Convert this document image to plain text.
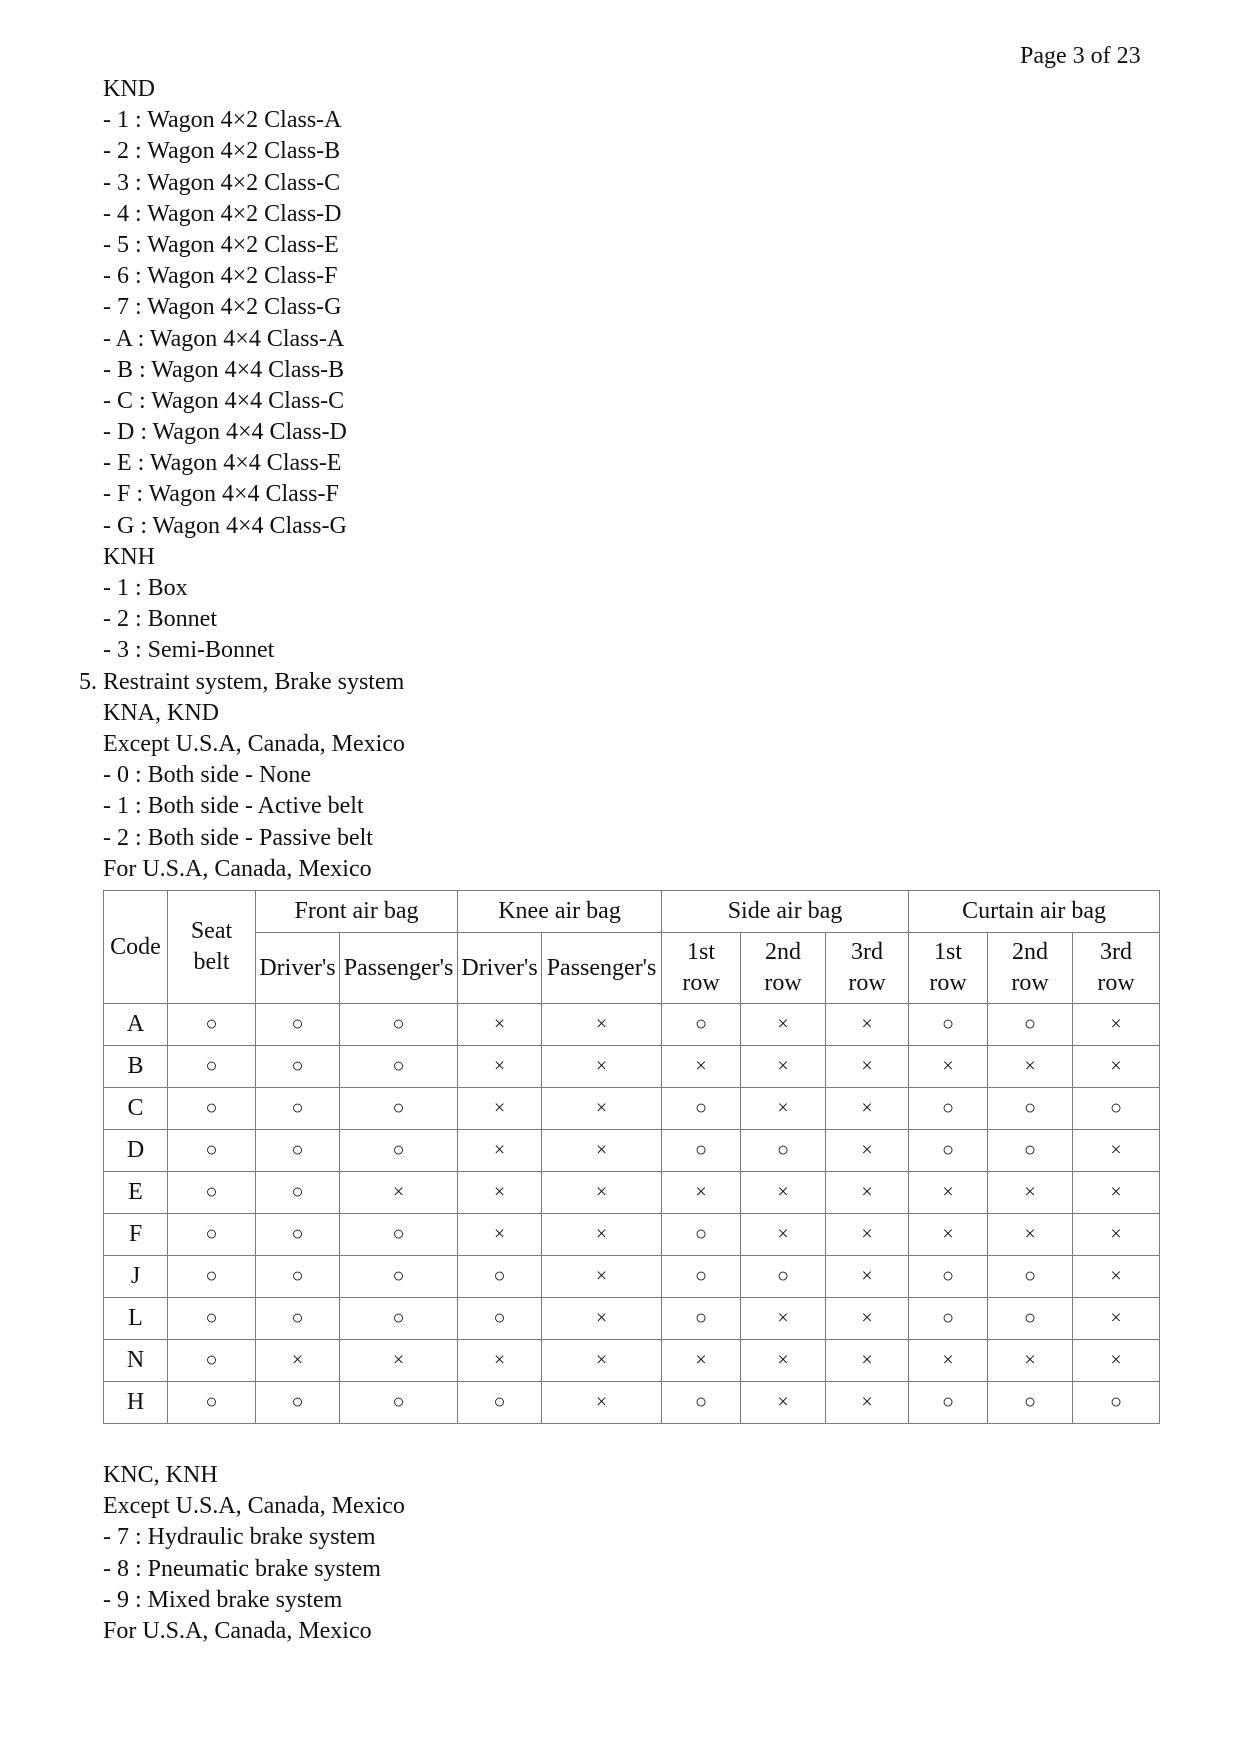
Page 3 of 23
KND
- 1 : Wagon 4×2 Class-A
- 2 : Wagon 4×2 Class-B
- 3 : Wagon 4×2 Class-C
- 4 : Wagon 4×2 Class-D
- 5 : Wagon 4×2 Class-E
- 6 : Wagon 4×2 Class-F
- 7 : Wagon 4×2 Class-G
- A : Wagon 4×4 Class-A
- B : Wagon 4×4 Class-B
- C : Wagon 4×4 Class-C
- D : Wagon 4×4 Class-D
- E : Wagon 4×4 Class-E
- F : Wagon 4×4 Class-F
- G : Wagon 4×4 Class-G
KNH
- 1 : Box
- 2 : Bonnet
- 3 : Semi-Bonnet
5. Restraint system, Brake system
KNA, KND
Except U.S.A, Canada, Mexico
- 0 : Both side - None
- 1 : Both side - Active belt
- 2 : Both side - Passive belt
For U.S.A, Canada, Mexico
Code	Seat belt	Front air bag		Knee air bag		Side air bag			Curtain air bag		
		Driver's	Passenger's	Driver's	Passenger's	1st row	2nd row	3rd row	1st row	2nd row	3rd row
A	○	○	○	×	×	○	×	×	○	○	×
B	○	○	○	×	×	×	×	×	×	×	×
C	○	○	○	×	×	○	×	×	○	○	○
D	○	○	○	×	×	○	○	×	○	○	×
E	○	○	×	×	×	×	×	×	×	×	×
F	○	○	○	×	×	○	×	×	×	×	×
J	○	○	○	○	×	○	○	×	○	○	×
L	○	○	○	○	×	○	×	×	○	○	×
N	○	×	×	×	×	×	×	×	×	×	×
H	○	○	○	○	×	○	×	×	○	○	○
KNC, KNH
Except U.S.A, Canada, Mexico
- 7 : Hydraulic brake system
- 8 : Pneumatic brake system
- 9 : Mixed brake system
For U.S.A, Canada, Mexico
